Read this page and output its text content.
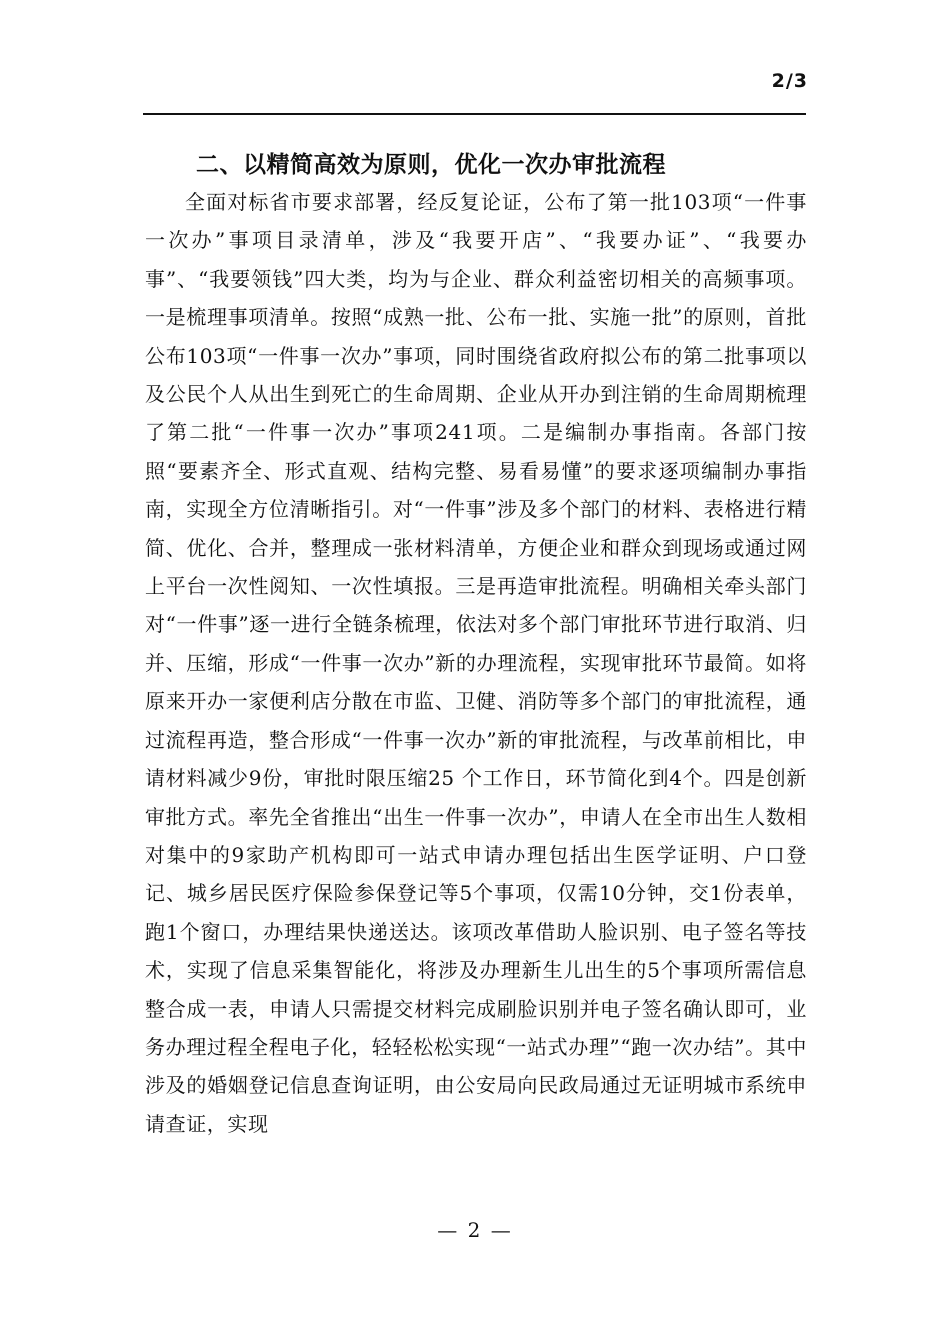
2/3
二、以精简高效为原则，优化一次办审批流程

全面对标省市要求部署，经反复论证，公布了第一批103项“一件事一次办”事项目录清单，涉及“我要开店”、“我要办证”、“我要办事”、“我要领钱”四大类，均为与企业、群众利益密切相关的高频事项。一是梳理事项清单。按照“成熟一批、公布一批、实施一批”的原则，首批公布103项“一件事一次办”事项，同时围绕省政府拟公布的第二批事项以及公民个人从出生到死亡的生命周期、企业从开办到注销的生命周期梳理了第二批“一件事一次办”事项241项。二是编制办事指南。各部门按照“要素齐全、形式直观、结构完整、易看易懂”的要求逐项编制办事指南，实现全方位清晰指引。对“一件事”涉及多个部门的材料、表格进行精简、优化、合并，整理成一张材料清单，方便企业和群众到现场或通过网上平台一次性阅知、一次性填报。三是再造审批流程。明确相关牵头部门对“一件事”逐一进行全链条梳理，依法对多个部门审批环节进行取消、归并、压缩，形成“一件事一次办”新的办理流程，实现审批环节最简。如将原来开办一家便利店分散在市监、卫健、消防等多个部门的审批流程，通过流程再造，整合形成“一件事一次办”新的审批流程，与改革前相比，申请材料减少9份，审批时限压缩25 个工作日，环节简化到4个。四是创新审批方式。率先全省推出“出生一件事一次办”，申请人在全市出生人数相对集中的9家助产机构即可一站式申请办理包括出生医学证明、户口登记、城乡居民医疗保险参保登记等5个事项，仅需10分钟，交1份表单，跑1个窗口，办理结果快递送达。该项改革借助人脸识别、电子签名等技术，实现了信息采集智能化，将涉及办理新生儿出生的5个事项所需信息整合成一表，申请人只需提交材料完成刷脸识别并电子签名确认即可，业务办理过程全程电子化，轻轻松松实现“一站式办理”“跑一次办结”。其中涉及的婚姻登记信息查询证明，由公安局向民政局通过无证明城市系统申请查证，实现

— 2 —
